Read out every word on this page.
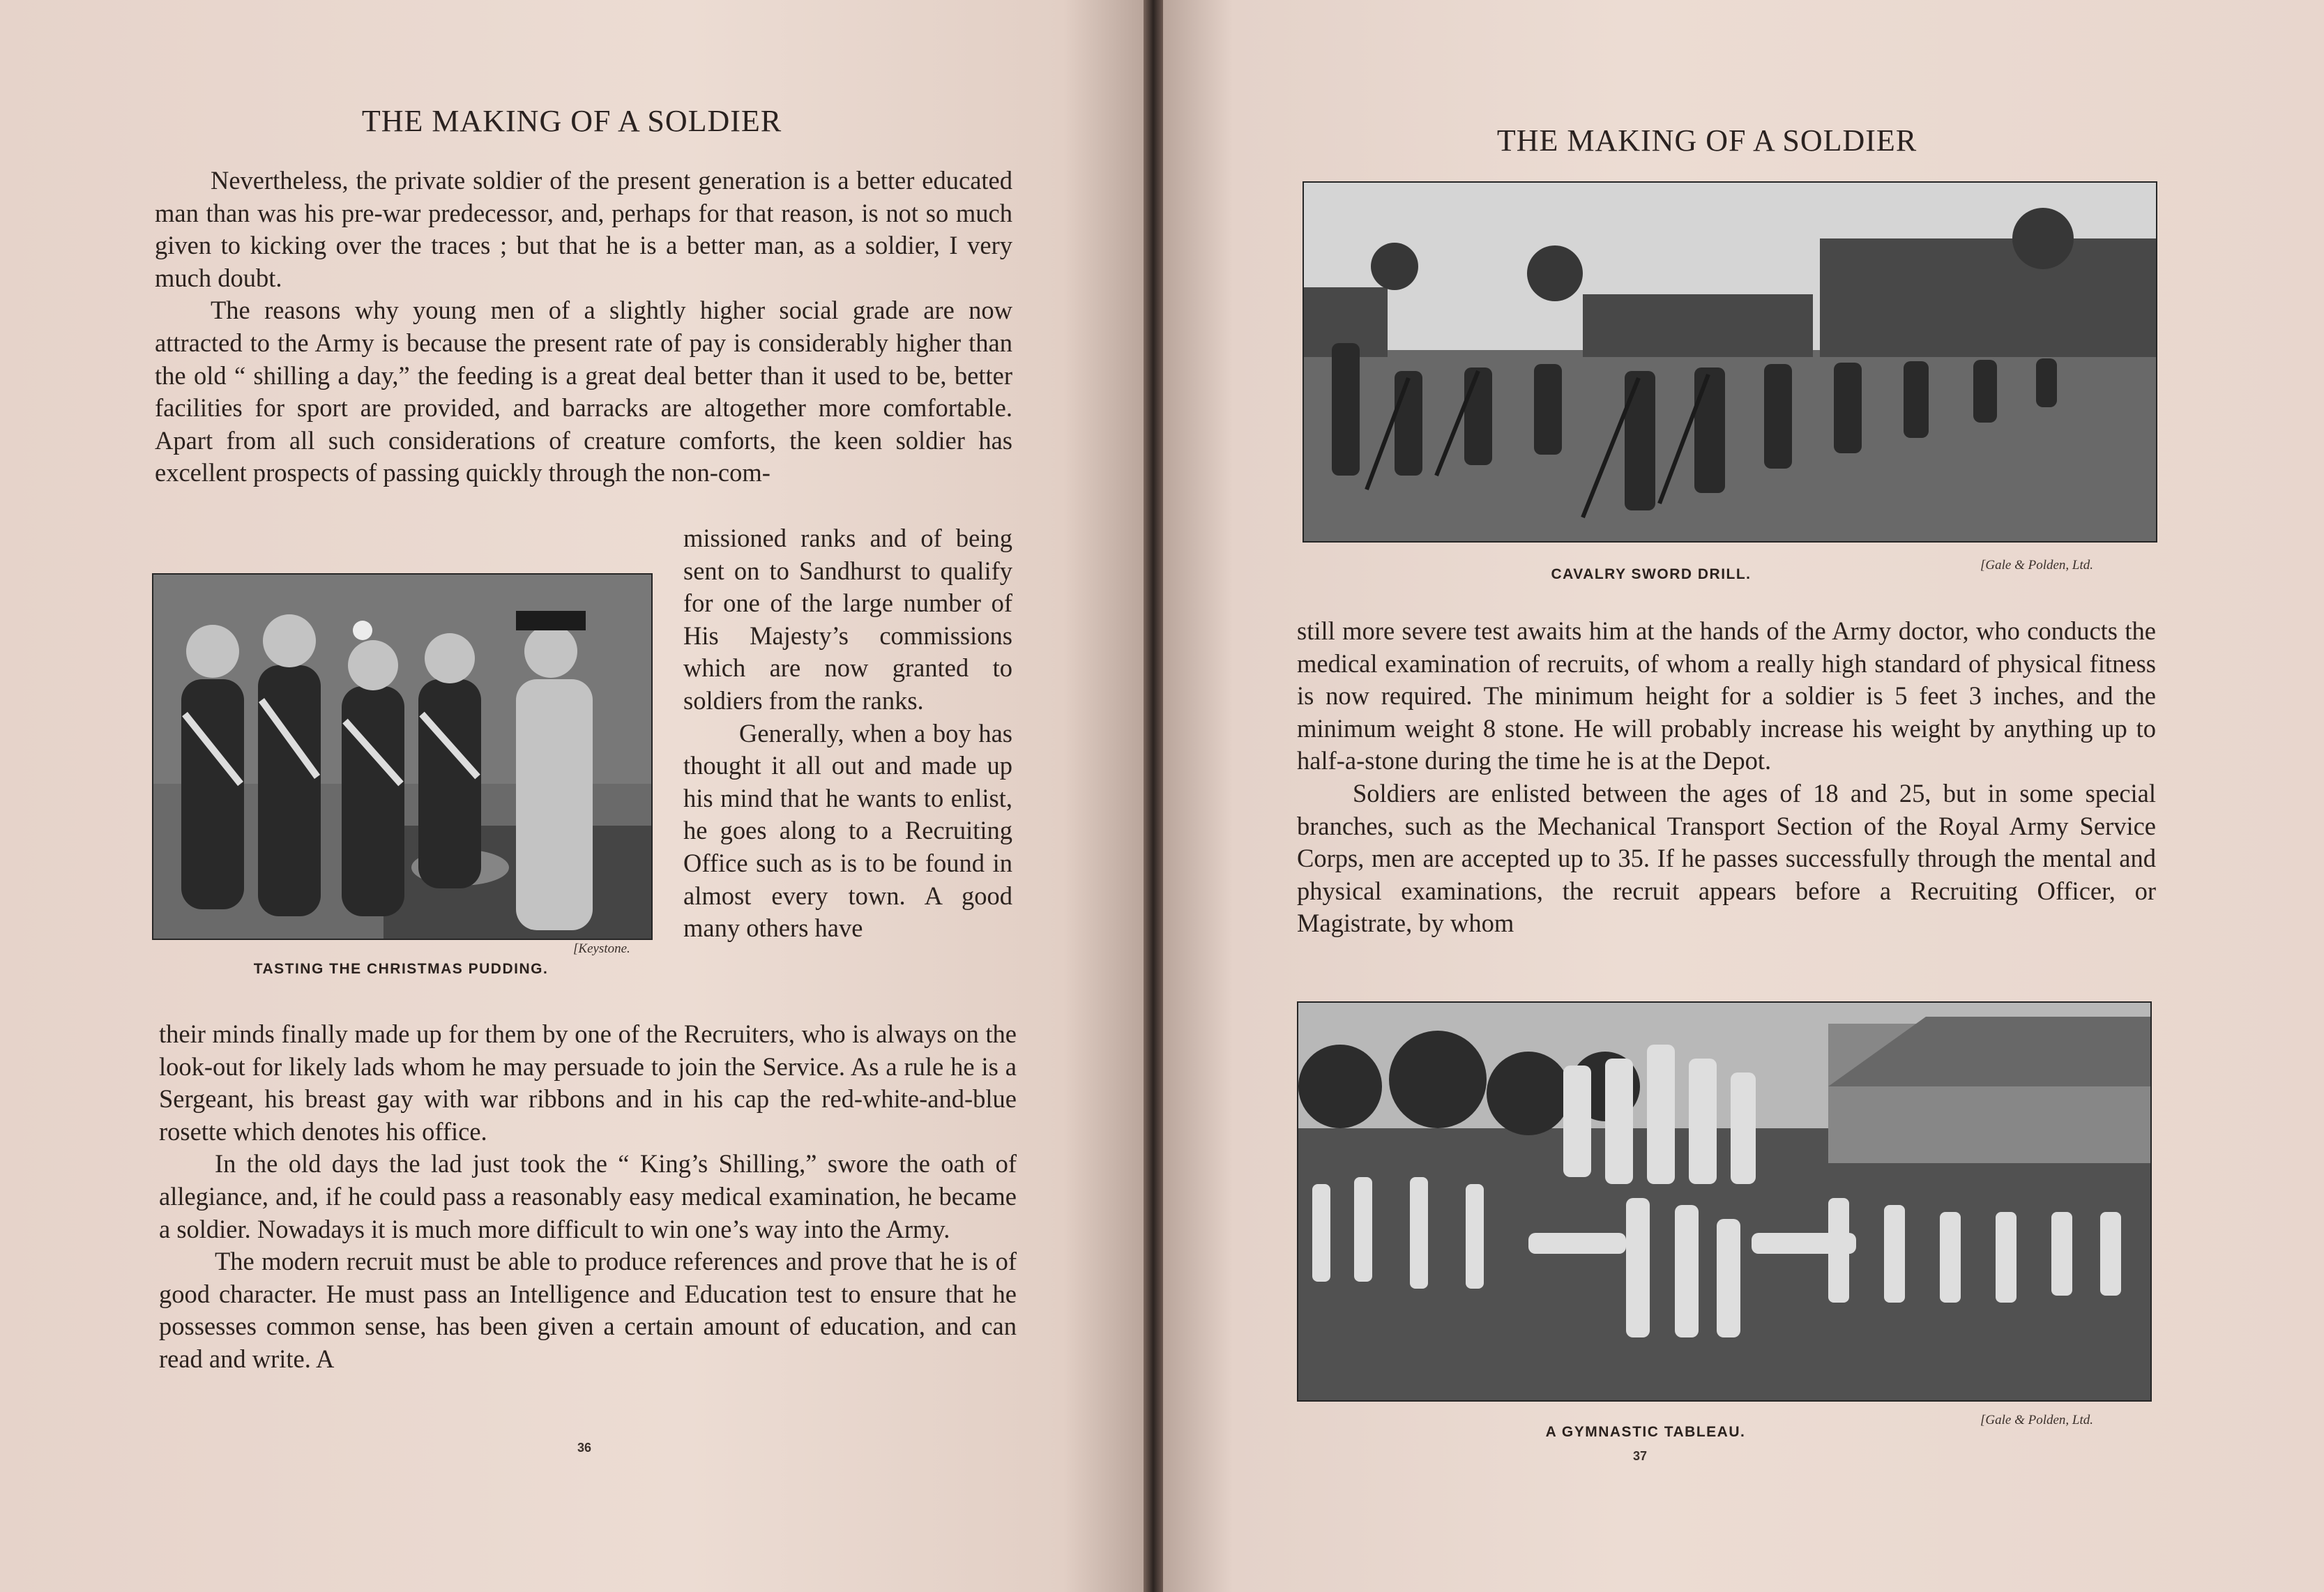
THE MAKING OF A SOLDIER

Nevertheless, the private soldier of the present generation is a better educated man than was his pre-war predecessor, and, perhaps for that reason, is not so much given to kicking over the traces ; but that he is a better man, as a soldier, I very much doubt.

The reasons why young men of a slightly higher social grade are now attracted to the Army is because the present rate of pay is considerably higher than the old “ shilling a day,” the feeding is a great deal better than it used to be, better facilities for sport are provided, and barracks are altogether more comfortable. Apart from all such considerations of creature comforts, the keen soldier has excellent prospects of passing quickly through the non-com-

[Keystone.
TASTING THE CHRISTMAS PUDDING.

missioned ranks and of being sent on to Sandhurst to qualify for one of the large number of His Majesty’s commissions which are now granted to soldiers from the ranks.

Generally, when a boy has thought it all out and made up his mind that he wants to enlist, he goes along to a Recruiting Office such as is to be found in almost every town. A good many others have

their minds finally made up for them by one of the Recruiters, who is always on the look-out for likely lads whom he may persuade to join the Service. As a rule he is a Sergeant, his breast gay with war ribbons and in his cap the red-white-and-blue rosette which denotes his office.

In the old days the lad just took the “ King’s Shilling,” swore the oath of allegiance, and, if he could pass a reasonably easy medical examination, he became a soldier. Nowadays it is much more difficult to win one’s way into the Army.

The modern recruit must be able to produce references and prove that he is of good character. He must pass an Intelligence and Education test to ensure that he possesses common sense, has been given a certain amount of education, and can read and write. A

36
THE MAKING OF A SOLDIER
CAVALRY SWORD DRILL.
[Gale & Polden, Ltd.

still more severe test awaits him at the hands of the Army doctor, who conducts the medical examination of recruits, of whom a really high standard of physical fitness is now required. The minimum height for a soldier is 5 feet 3 inches, and the minimum weight 8 stone. He will probably increase his weight by anything up to half-a-stone during the time he is at the Depot.

Soldiers are enlisted between the ages of 18 and 25, but in some special branches, such as the Mechanical Transport Section of the Royal Army Service Corps, men are accepted up to 35. If he passes successfully through the mental and physical examinations, the recruit appears before a Recruiting Officer, or Magistrate, by whom

[Gale & Polden, Ltd.
A GYMNASTIC TABLEAU.
37
